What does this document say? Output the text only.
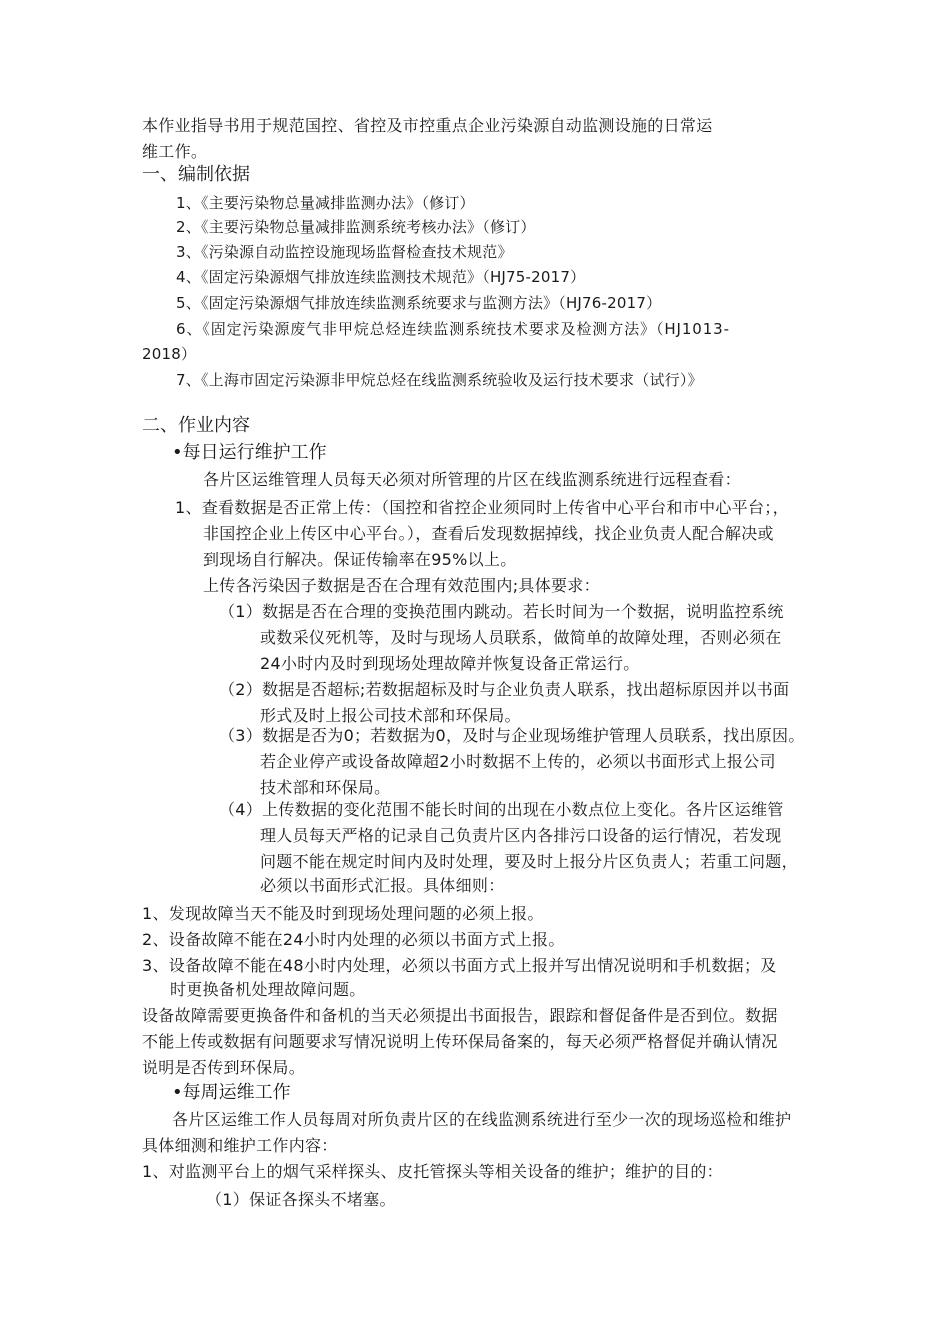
本作业指导书用于规范国控、省控及市控重点企业污染源自动监测设施的日常运

维工作。

一、编制依据

1、《主要污染物总量减排监测办法》（修订）

2、《主要污染物总量减排监测系统考核办法》（修订）

3、《污染源自动监控设施现场监督检查技术规范》

4、《固定污染源烟气排放连续监测技术规范》（HJ75-2017）

5、《固定污染源烟气排放连续监测系统要求与监测方法》（HJ76-2017）

6、《固定污染源废气非甲烷总烃连续监测系统技术要求及检测方法》（HJ1013-

2018）

7、《上海市固定污染源非甲烷总烃在线监测系统验收及运行技术要求（试行）》

二、作业内容

•每日运行维护工作

各片区运维管理人员每天必须对所管理的片区在线监测系统进行远程查看：

1、查看数据是否正常上传：（国控和省控企业须同时上传省中心平台和市中心平台；，

非国控企业上传区中心平台。），查看后发现数据掉线，找企业负责人配合解决或

到现场自行解决。保证传输率在95%以上。

上传各污染因子数据是否在合理有效范围内;具体要求：

（1）数据是否在合理的变换范围内跳动。若长时间为一个数据，说明监控系统

或数采仪死机等，及时与现场人员联系，做简单的故障处理，否则必须在

24小时内及时到现场处理故障并恢复设备正常运行。

（2）数据是否超标;若数据超标及时与企业负责人联系，找出超标原因并以书面

形式及时上报公司技术部和环保局。

（3）数据是否为0；若数据为0，及时与企业现场维护管理人员联系，找出原因。

若企业停产或设备故障超2小时数据不上传的，必须以书面形式上报公司

技术部和环保局。

（4）上传数据的变化范围不能长时间的出现在小数点位上变化。各片区运维管

理人员每天严格的记录自己负责片区内各排污口设备的运行情况，若发现

问题不能在规定时间内及时处理，要及时上报分片区负责人；若重工问题，

必须以书面形式汇报。具体细则：

1、发现故障当天不能及时到现场处理问题的必须上报。

2、设备故障不能在24小时内处理的必须以书面方式上报。

3、设备故障不能在48小时内处理，必须以书面方式上报并写出情况说明和手机数据；及

时更换备机处理故障问题。

设备故障需要更换备件和备机的当天必须提出书面报告，跟踪和督促备件是否到位。数据

不能上传或数据有问题要求写情况说明上传环保局备案的，每天必须严格督促并确认情况

说明是否传到环保局。

•每周运维工作

各片区运维工作人员每周对所负责片区的在线监测系统进行至少一次的现场巡检和维护

具体细测和维护工作内容：

1、对监测平台上的烟气采样探头、皮托管探头等相关设备的维护；维护的目的：

（1）保证各探头不堵塞。
